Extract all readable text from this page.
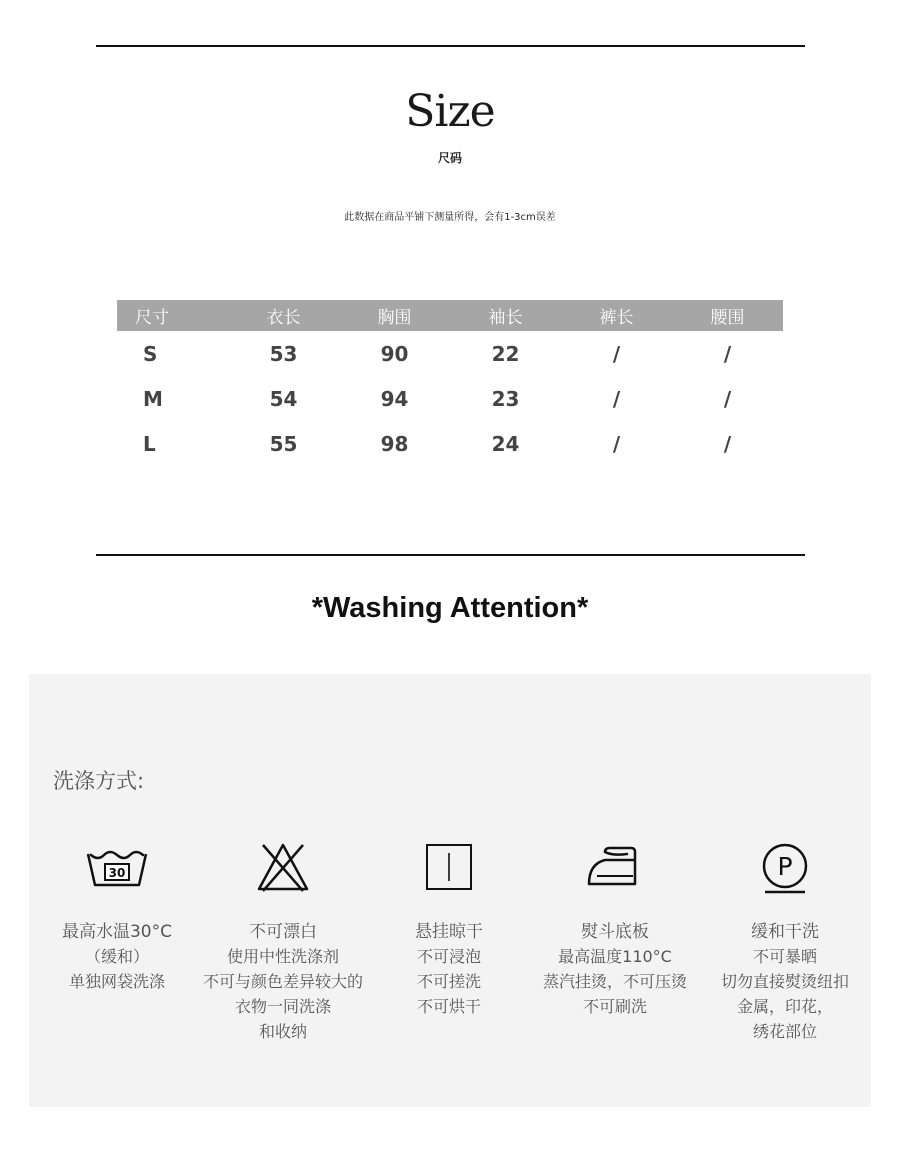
Size
尺码
此数据在商品平铺下测量所得，会有1-3cm误差
尺寸	衣长	胸围	袖长	裤长	腰围
S	53	90	22	/	/
M	54	94	23	/	/
L	55	98	24	/	/
*Washing Attention*
洗涤方式:
30
最高水温30°C
（缓和）
单独网袋洗涤
不可漂白
使用中性洗涤剂
不可与颜色差异较大的
衣物一同洗涤
和收纳
悬挂晾干
不可浸泡
不可搓洗
不可烘干
熨斗底板
最高温度110°C
蒸汽挂烫，不可压烫
不可刷洗
P
缓和干洗
不可暴晒
切勿直接熨烫纽扣
金属，印花，
绣花部位
